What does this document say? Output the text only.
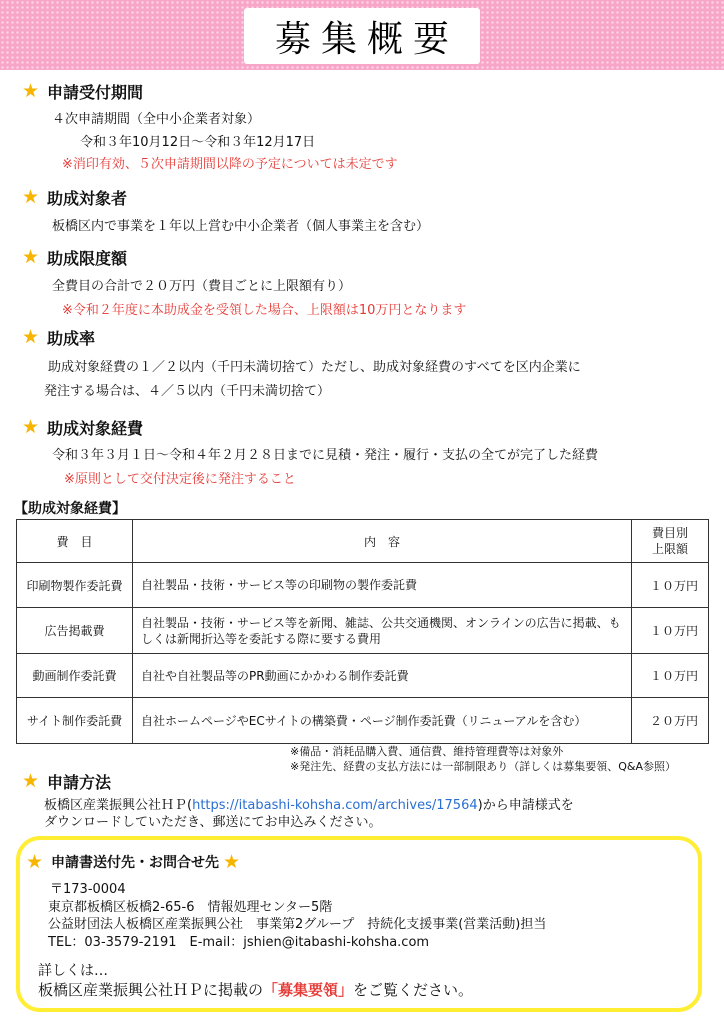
募集概要
★ 申請受付期間
４次申請期間（全中小企業者対象）
令和３年10月12日～令和３年12月17日
※消印有効、５次申請期間以降の予定については未定です
★ 助成対象者
板橋区内で事業を１年以上営む中小企業者（個人事業主を含む）
★ 助成限度額
全費目の合計で２０万円（費目ごとに上限額有り）
※令和２年度に本助成金を受領した場合、上限額は10万円となります
★ 助成率
助成対象経費の１／２以内（千円未満切捨て）ただし、助成対象経費のすべてを区内企業に
発注する場合は、４／５以内（千円未満切捨て）
★ 助成対象経費
令和３年３月１日～令和４年２月２８日までに見積・発注・履行・支払の全てが完了した経費
※原則として交付決定後に発注すること
【助成対象経費】
費　目	内　容	費目別
上限額
印刷物製作委託費	自社製品・技術・サービス等の印刷物の製作委託費	１０万円
広告掲載費	自社製品・技術・サービス等を新聞、雑誌、公共交通機関、オンラインの広告に掲載、もしくは新聞折込等を委託する際に要する費用	１０万円
動画制作委託費	自社や自社製品等のPR動画にかかわる制作委託費	１０万円
サイト制作委託費	自社ホームページやECサイトの構築費・ページ制作委託費（リニューアルを含む）	２０万円
※備品・消耗品購入費、通信費、維持管理費等は対象外
※発注先、経費の支払方法には一部制限あり（詳しくは募集要領、Q&A参照）
★ 申請方法
板橋区産業振興公社ＨＰ(https://itabashi-kohsha.com/archives/17564)から申請様式を
ダウンロードしていただき、郵送にてお申込みください。
★ 申請書送付先・お問合せ先 ★
〒173-0004
東京都板橋区板橋2-65-6　情報処理センター5階
公益財団法人板橋区産業振興公社　事業第2グループ　持続化支援事業(営業活動)担当
TEL：03-3579-2191　E-mail：jshien@itabashi-kohsha.com
詳しくは…
板橋区産業振興公社ＨＰに掲載の「募集要領」をご覧ください。
